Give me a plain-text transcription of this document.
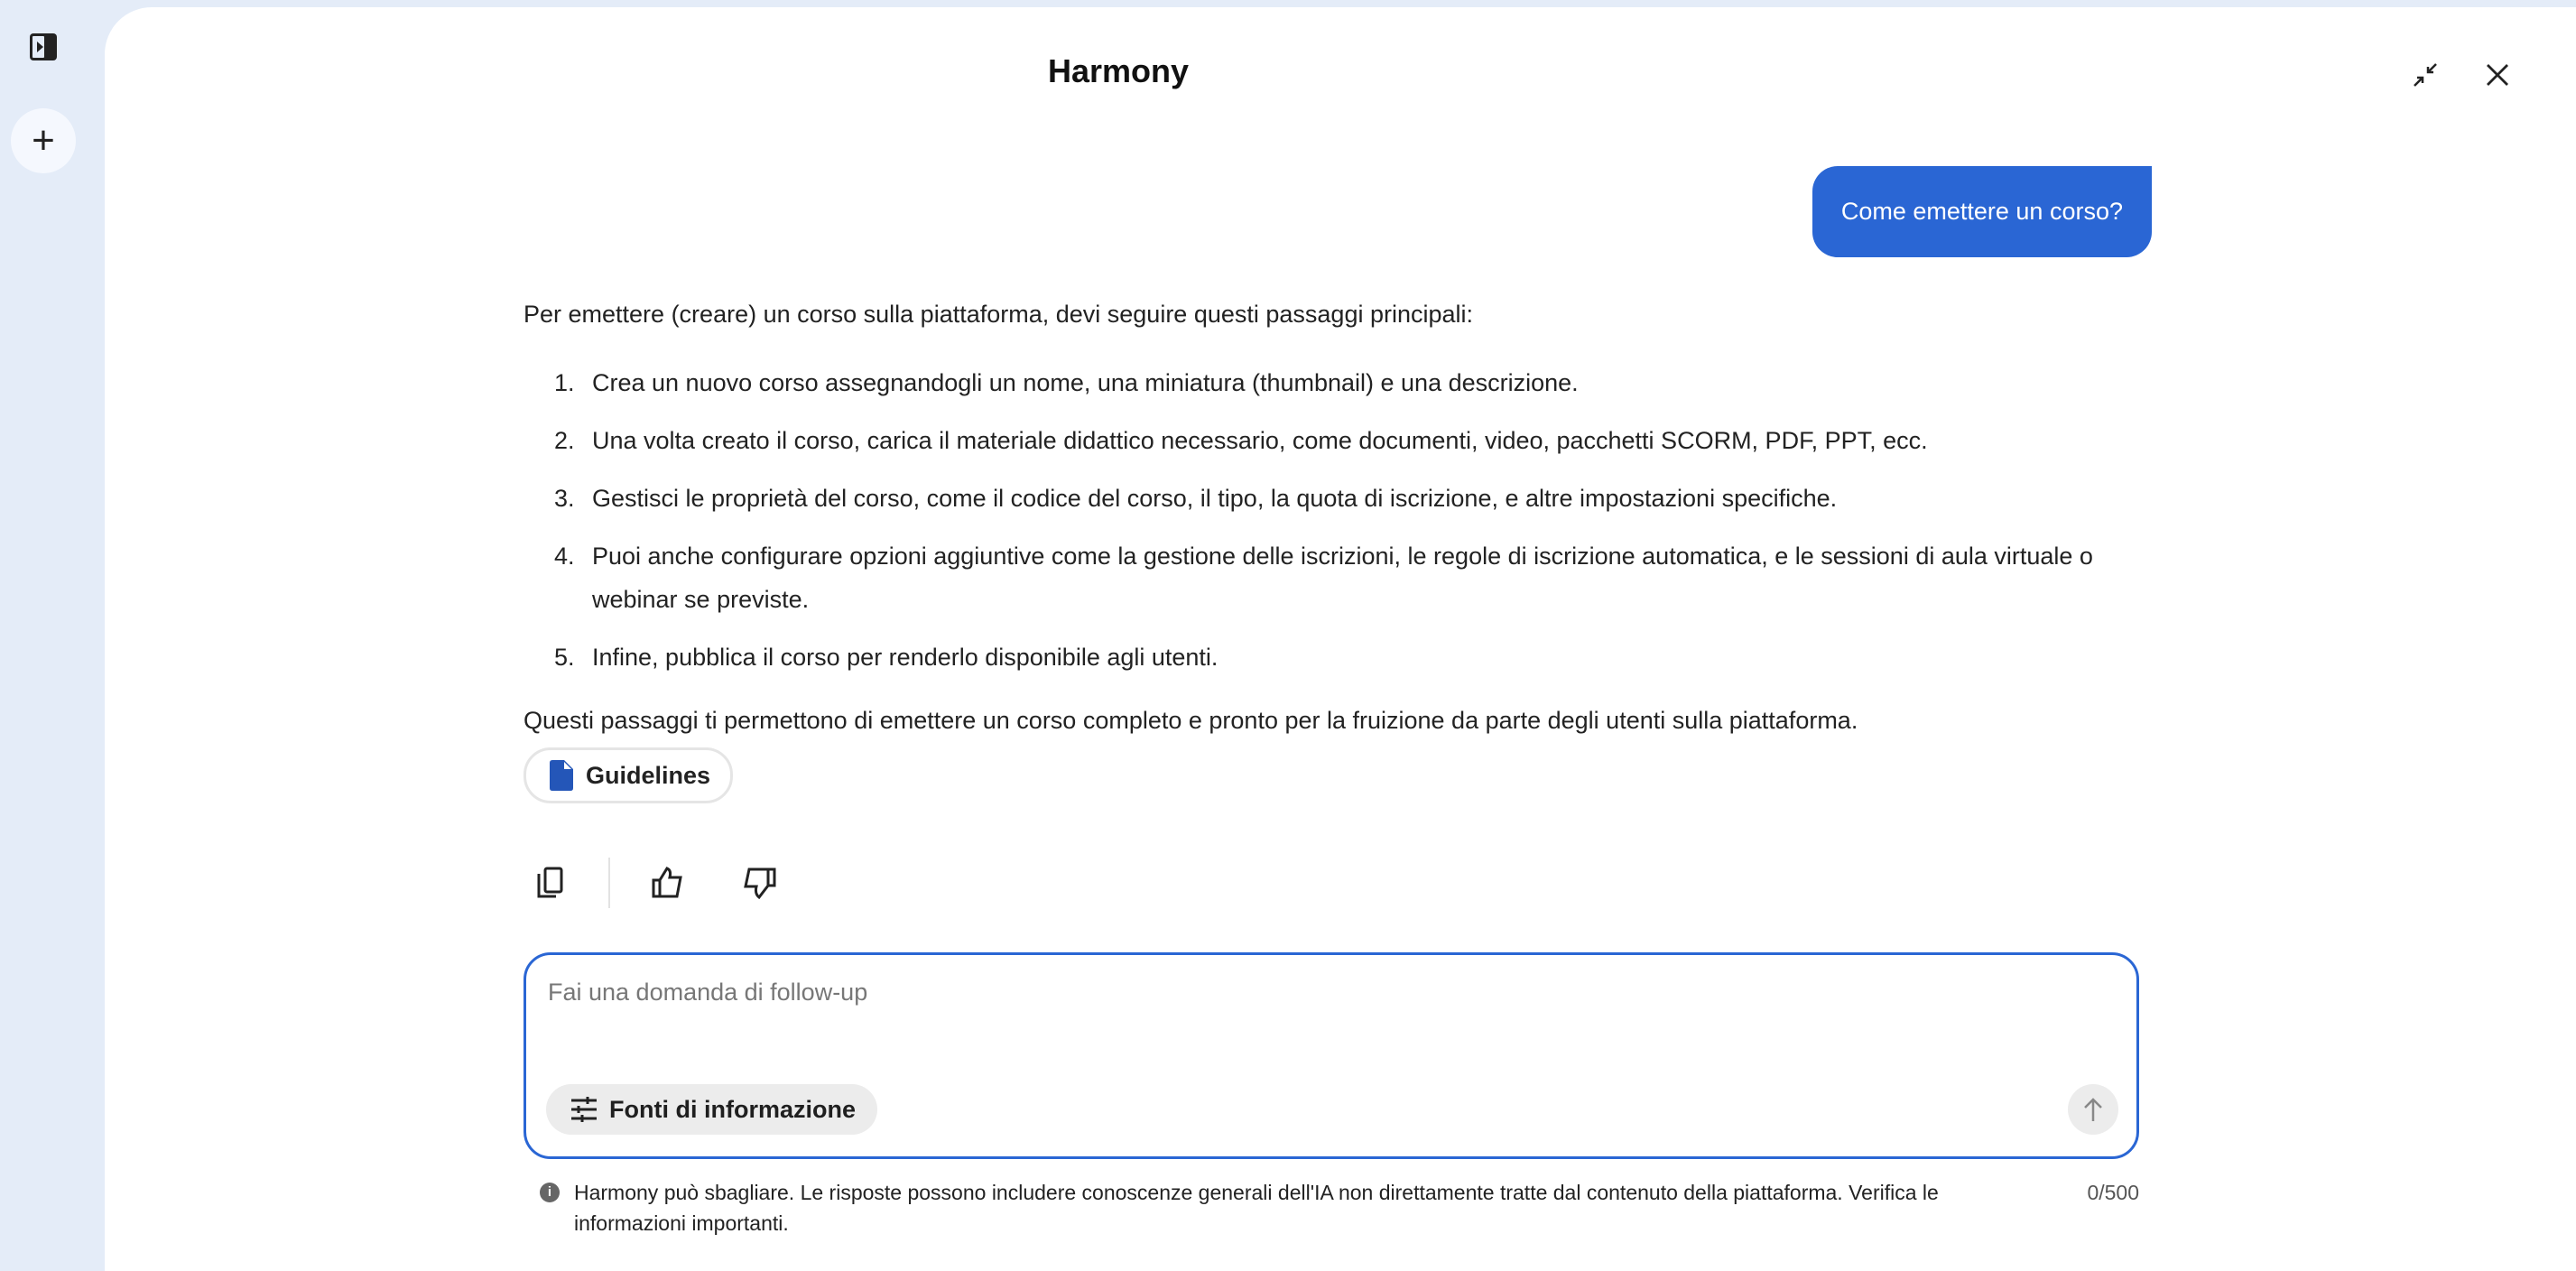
+
Harmony
Come emettere un corso?

Per emettere (creare) un corso sulla piattaforma, devi seguire questi passaggi principali:

1. Crea un nuovo corso assegnandogli un nome, una miniatura (thumbnail) e una descrizione.
2. Una volta creato il corso, carica il materiale didattico necessario, come documenti, video, pacchetti SCORM, PDF, PPT, ecc.
3. Gestisci le proprietà del corso, come il codice del corso, il tipo, la quota di iscrizione, e altre impostazioni specifiche.
4. Puoi anche configurare opzioni aggiuntive come la gestione delle iscrizioni, le regole di iscrizione automatica, e le sessioni di aula virtuale o webinar se previste.
5. Infine, pubblica il corso per renderlo disponibile agli utenti.

Questi passaggi ti permettono di emettere un corso completo e pronto per la fruizione da parte degli utenti sulla piattaforma.

Guidelines
Fai una domanda di follow-up
Fonti di informazione
i	Harmony può sbagliare. Le risposte possono includere conoscenze generali dell'IA non direttamente tratte dal contenuto della piattaforma. Verifica le informazioni importanti.
0/500
